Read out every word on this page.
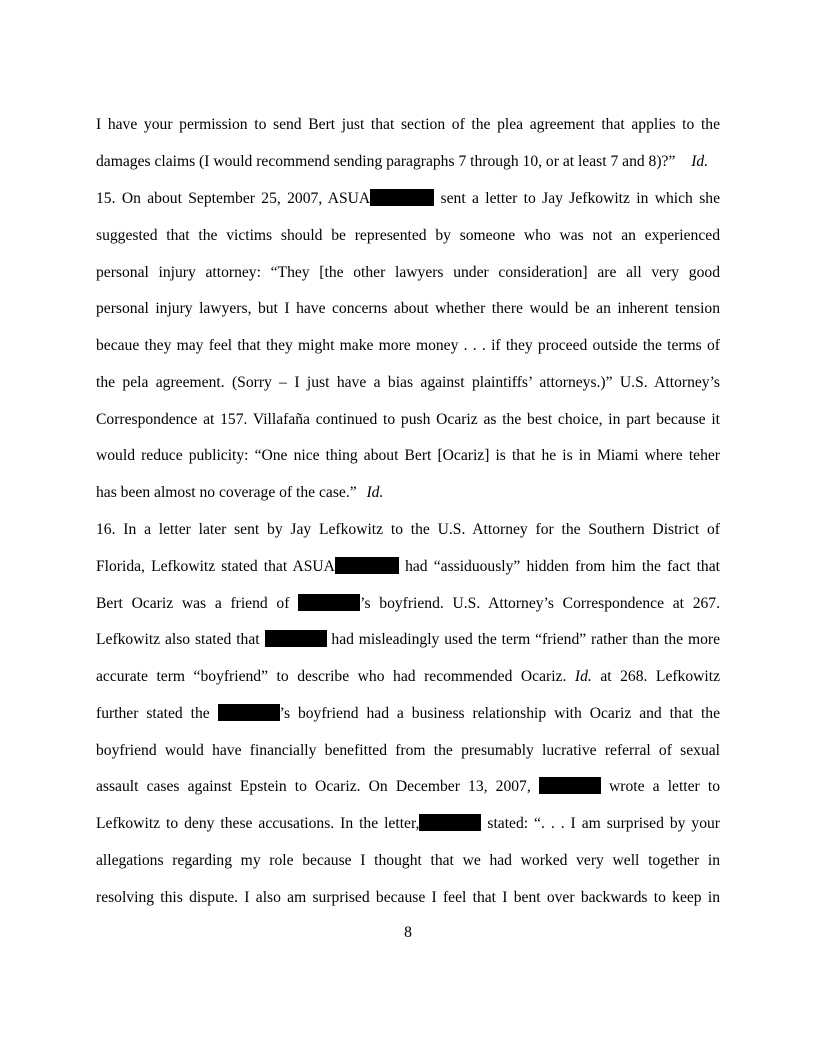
I have your permission to send Bert just that section of the plea agreement that applies to the
damages claims (I would recommend sending paragraphs 7 through 10, or at least 7 and 8)?” Id.
15. On about September 25, 2007, ASUA	sent a letter to Jay Jefkowitz in which she
suggested that the victims should be represented by someone who was not an experienced
personal injury attorney: “They [the other lawyers under consideration] are all very good
personal injury lawyers, but I have concerns about whether there would be an inherent tension
becaue they may feel that they might make more money . . . if they proceed outside the terms of
the pela agreement. (Sorry – I just have a bias against plaintiffs’ attorneys.)” U.S. Attorney’s
Correspondence at 157. Villafaña continued to push Ocariz as the best choice, in part because it
would reduce publicity: “One nice thing about Bert [Ocariz] is that he is in Miami where teher
has been almost no coverage of the case.” Id.
16. In a letter later sent by Jay Lefkowitz to the U.S. Attorney for the Southern District of
Florida, Lefkowitz stated that ASUA	had “assiduously” hidden from him the fact that
Bert Ocariz was a friend of	’s boyfriend. U.S. Attorney’s Correspondence at 267.
Lefkowitz also stated that	had misleadingly used the term “friend” rather than the more
accurate term “boyfriend” to describe who had recommended Ocariz. Id. at 268. Lefkowitz
further stated the	’s boyfriend had a business relationship with Ocariz and that the
boyfriend would have financially benefitted from the presumably lucrative referral of sexual
assault cases against Epstein to Ocariz. On December 13, 2007,	wrote a letter to
Lefkowitz to deny these accusations. In the letter,	stated: “. . . I am surprised by your
allegations regarding my role because I thought that we had worked very well together in
resolving this dispute. I also am surprised because I feel that I bent over backwards to keep in
8
